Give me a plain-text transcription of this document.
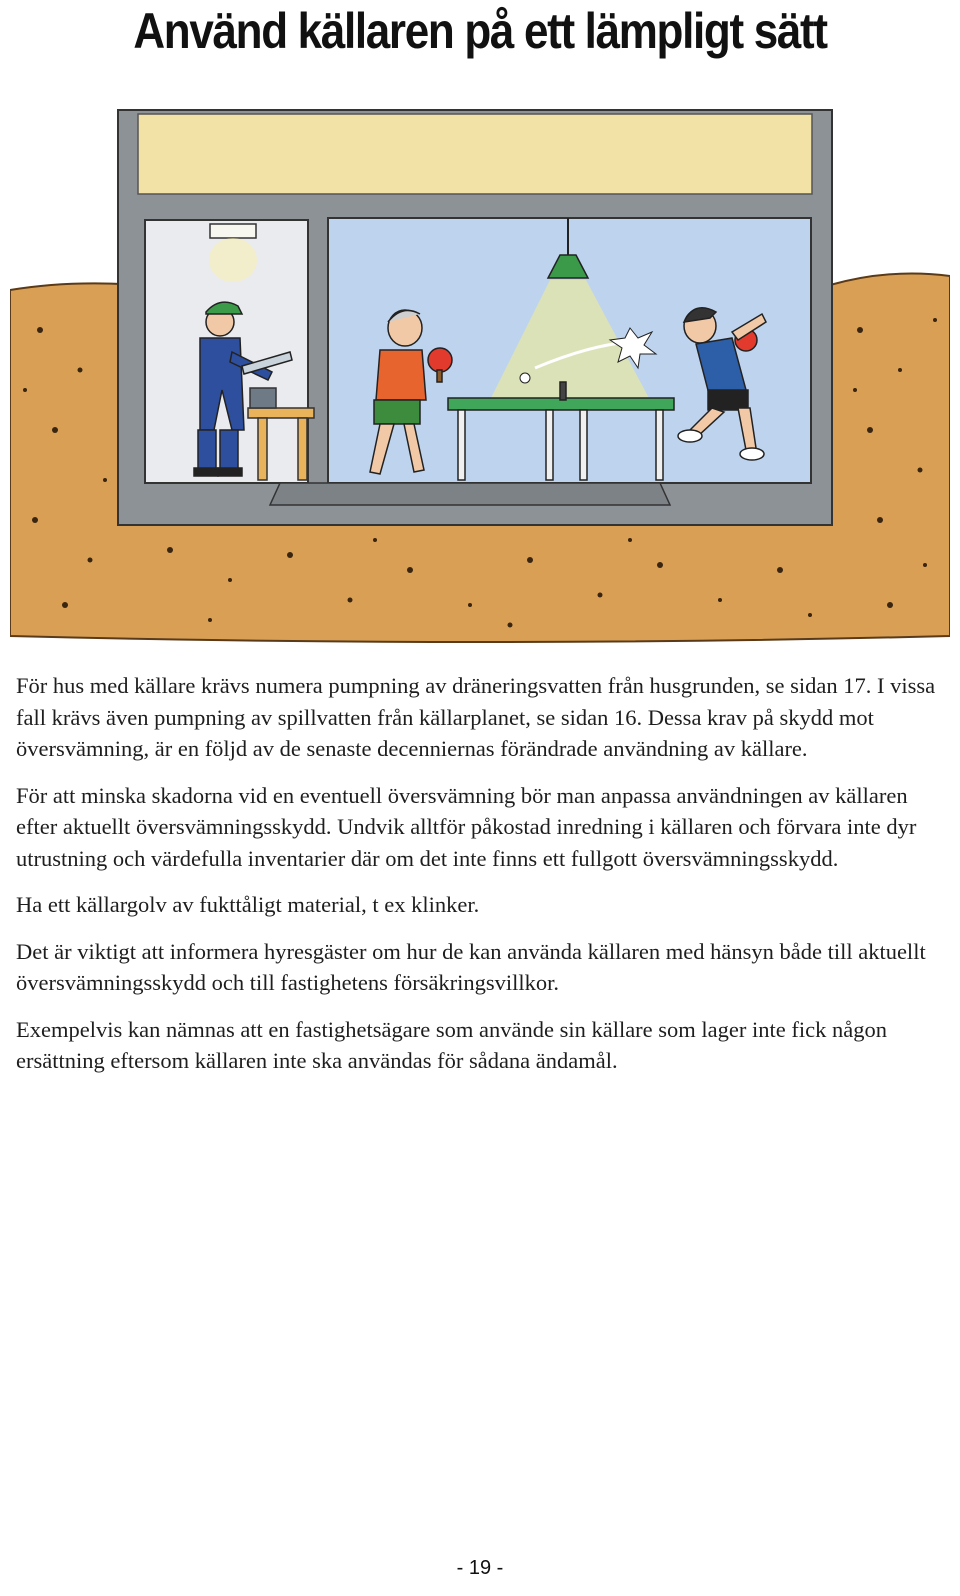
Använd källaren på ett lämpligt sätt

För hus med källare krävs numera pumpning av dräneringsvatten från husgrunden, se sidan 17. I vissa fall krävs även pumpning av spillvatten från källarplanet, se sidan 16. Dessa krav på skydd mot översvämning, är en följd av de senaste decenniernas förändrade användning av källare.

För att minska skadorna vid en eventuell översvämning bör man anpassa användningen av källaren efter aktuellt översvämningsskydd. Undvik alltför påkostad inredning i källaren och förvara inte dyr utrustning och värdefulla inventarier där om det inte finns ett fullgott översvämningsskydd.

Ha ett källargolv av fukttåligt material, t ex klinker.

Det är viktigt att informera hyresgäster om hur de kan använda källaren med hänsyn både till aktuellt översvämningsskydd och till fastighetens försäkringsvillkor.

Exempelvis kan nämnas att en fastighetsägare som använde sin källare som lager inte fick någon ersättning eftersom källaren inte ska användas för sådana ändamål.

- 19 -
